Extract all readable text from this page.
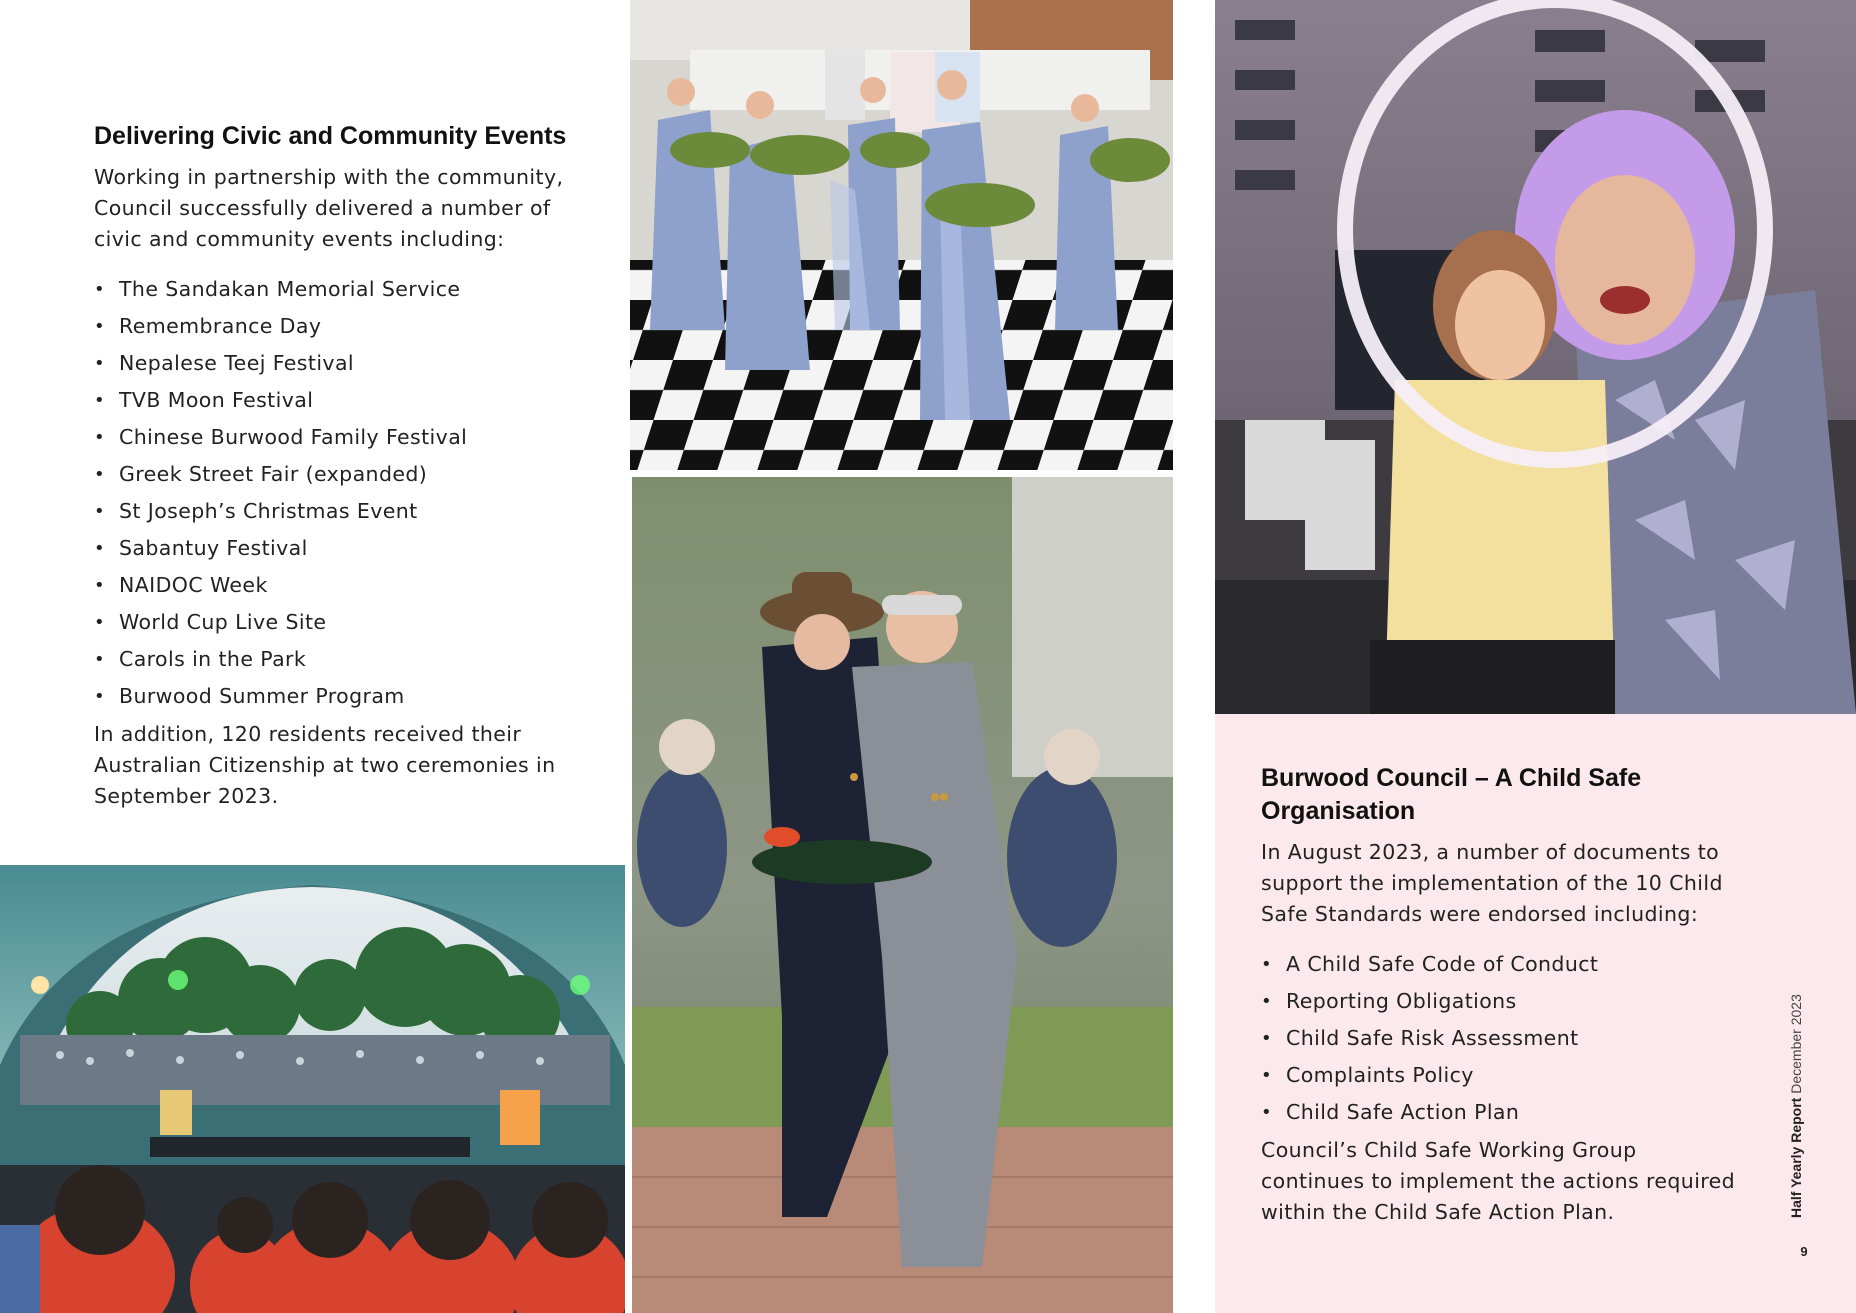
Delivering Civic and Community Events

Working in partnership with the community, Council successfully delivered a number of civic and community events including:

• The Sandakan Memorial Service
• Remembrance Day
• Nepalese Teej Festival
• TVB Moon Festival
• Chinese Burwood Family Festival
• Greek Street Fair (expanded)
• St Joseph’s Christmas Event
• Sabantuy Festival
• NAIDOC Week
• World Cup Live Site
• Carols in the Park
• Burwood Summer Program

In addition, 120 residents received their Australian Citizenship at two ceremonies in September 2023.

Burwood Council – A Child Safe Organisation

In August 2023, a number of documents to support the implementation of the 10 Child Safe Standards were endorsed including:

• A Child Safe Code of Conduct
• Reporting Obligations
• Child Safe Risk Assessment
• Complaints Policy
• Child Safe Action Plan

Council’s Child Safe Working Group continues to implement the actions required within the Child Safe Action Plan.	Half Yearly Report December 2023
9
